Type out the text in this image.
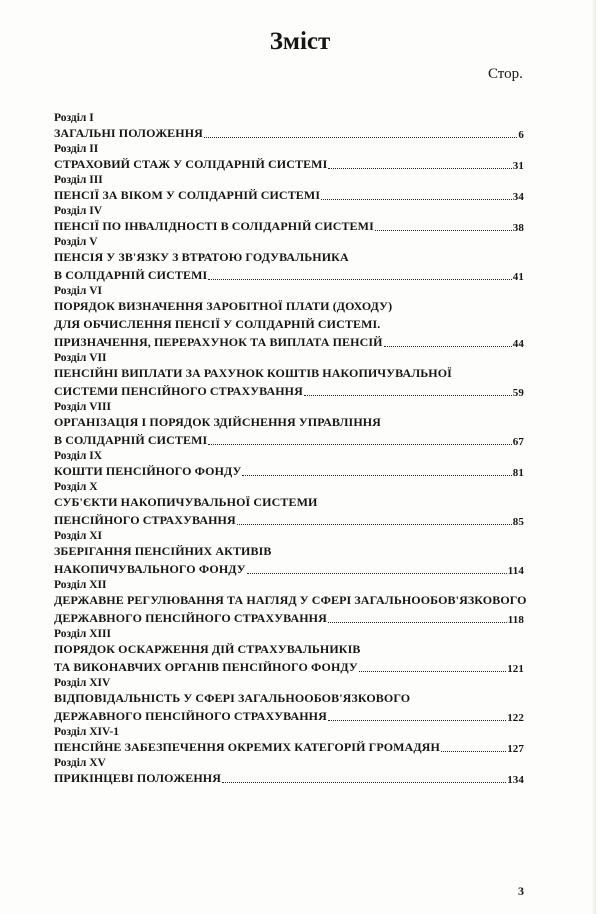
Зміст
Стор.
Розділ I
ЗАГАЛЬНІ ПОЛОЖЕННЯ	6
Розділ II
СТРАХОВИЙ СТАЖ У СОЛІДАРНІЙ СИСТЕМІ	31
Розділ III
ПЕНСІЇ ЗА ВІКОМ У СОЛІДАРНІЙ СИСТЕМІ	34
Розділ IV
ПЕНСІЇ ПО ІНВАЛІДНОСТІ В СОЛІДАРНІЙ СИСТЕМІ	38
Розділ V
ПЕНСІЯ У ЗВ'ЯЗКУ З ВТРАТОЮ ГОДУВАЛЬНИКА
В СОЛІДАРНІЙ СИСТЕМІ	41
Розділ VI
ПОРЯДОК ВИЗНАЧЕННЯ ЗАРОБІТНОЇ ПЛАТИ (ДОХОДУ)
ДЛЯ ОБЧИСЛЕННЯ ПЕНСІЇ У СОЛІДАРНІЙ СИСТЕМІ.
ПРИЗНАЧЕННЯ, ПЕРЕРАХУНОК ТА ВИПЛАТА ПЕНСІЙ	44
Розділ VII
ПЕНСІЙНІ ВИПЛАТИ ЗА РАХУНОК КОШТІВ НАКОПИЧУВАЛЬНОЇ
СИСТЕМИ ПЕНСІЙНОГО СТРАХУВАННЯ	59
Розділ VIII
ОРГАНІЗАЦІЯ І ПОРЯДОК ЗДІЙСНЕННЯ УПРАВЛІННЯ
В СОЛІДАРНІЙ СИСТЕМІ	67
Розділ IX
КОШТИ ПЕНСІЙНОГО ФОНДУ	81
Розділ X
СУБ'ЄКТИ НАКОПИЧУВАЛЬНОЇ СИСТЕМИ
ПЕНСІЙНОГО СТРАХУВАННЯ	85
Розділ XI
ЗБЕРІГАННЯ ПЕНСІЙНИХ АКТИВІВ
НАКОПИЧУВАЛЬНОГО ФОНДУ	114
Розділ XII
ДЕРЖАВНЕ РЕГУЛЮВАННЯ ТА НАГЛЯД У СФЕРІ ЗАГАЛЬНООБОВ'ЯЗКОВОГО
ДЕРЖАВНОГО ПЕНСІЙНОГО СТРАХУВАННЯ	118
Розділ XIII
ПОРЯДОК ОСКАРЖЕННЯ ДІЙ СТРАХУВАЛЬНИКІВ
ТА ВИКОНАВЧИХ ОРГАНІВ ПЕНСІЙНОГО ФОНДУ	121
Розділ XIV
ВІДПОВІДАЛЬНІСТЬ У СФЕРІ ЗАГАЛЬНООБОВ'ЯЗКОВОГО
ДЕРЖАВНОГО ПЕНСІЙНОГО СТРАХУВАННЯ	122
Розділ XIV-1
ПЕНСІЙНЕ ЗАБЕЗПЕЧЕННЯ ОКРЕМИХ КАТЕГОРІЙ ГРОМАДЯН	127
Розділ XV
ПРИКІНЦЕВІ ПОЛОЖЕННЯ	134
3
